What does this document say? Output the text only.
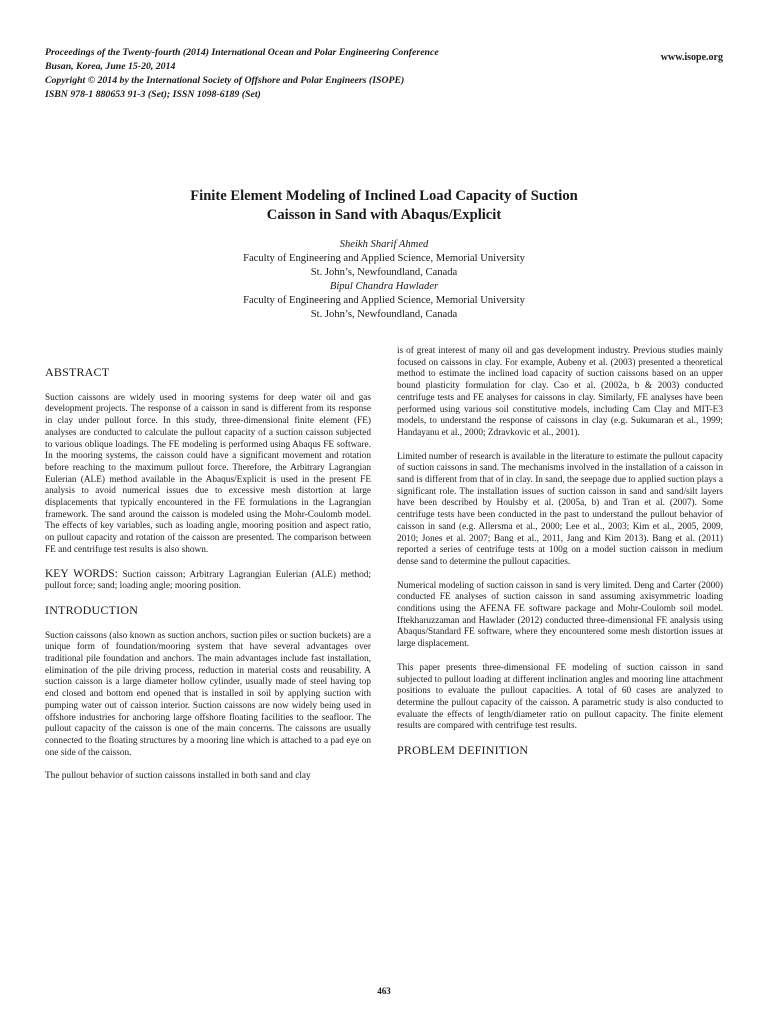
Proceedings of the Twenty-fourth (2014) International Ocean and Polar Engineering Conference
Busan, Korea, June 15-20, 2014
Copyright © 2014 by the International Society of Offshore and Polar Engineers (ISOPE)
ISBN 978-1 880653 91-3 (Set); ISSN 1098-6189 (Set)
www.isope.org
Finite Element Modeling of Inclined Load Capacity of Suction
Caisson in Sand with Abaqus/Explicit
Sheikh Sharif Ahmed
Faculty of Engineering and Applied Science, Memorial University
St. John’s, Newfoundland, Canada
Bipul Chandra Hawlader
Faculty of Engineering and Applied Science, Memorial University
St. John’s, Newfoundland, Canada
ABSTRACT

Suction caissons are widely used in mooring systems for deep water oil and gas development projects. The response of a caisson in sand is different from its response in clay under pullout force. In this study, three-dimensional finite element (FE) analyses are conducted to calculate the pullout capacity of a suction caisson subjected to various oblique loadings. The FE modeling is performed using Abaqus FE software. In the mooring systems, the caisson could have a significant movement and rotation before reaching to the maximum pullout force. Therefore, the Arbitrary Lagrangian Eulerian (ALE) method available in the Abaqus/Explicit is used in the present FE analysis to avoid numerical issues due to excessive mesh distortion at large displacements that typically encountered in the FE formulations in the Lagrangian framework. The sand around the caisson is modeled using the Mohr-Coulomb model. The effects of key variables, such as loading angle, mooring position and aspect ratio, on pullout capacity and rotation of the caisson are presented. The comparison between FE and centrifuge test results is also shown.

KEY WORDS: Suction caisson; Arbitrary Lagrangian Eulerian (ALE) method; pullout force; sand; loading angle; mooring position.

INTRODUCTION

Suction caissons (also known as suction anchors, suction piles or suction buckets) are a unique form of foundation/mooring system that have several advantages over traditional pile foundation and anchors. The main advantages include fast installation, elimination of the pile driving process, reduction in material costs and reusability. A suction caisson is a large diameter hollow cylinder, usually made of steel having top end closed and bottom end opened that is installed in soil by applying suction with pumping water out of caisson interior. Suction caissons are now widely being used in offshore industries for anchoring large offshore floating facilities to the seafloor. The pullout capacity of the caisson is one of the main concerns. The caissons are usually connected to the floating structures by a mooring line which is attached to a pad eye on one side of the caisson.

The pullout behavior of suction caissons installed in both sand and clay

is of great interest of many oil and gas development industry. Previous studies mainly focused on caissons in clay. For example, Aubeny et al. (2003) presented a theoretical method to estimate the inclined load capacity of suction caissons based on an upper bound plasticity formulation for clay. Cao et al. (2002a, b & 2003) conducted centrifuge tests and FE analyses for caissons in clay. Similarly, FE analyses have been performed using various soil constitutive models, including Cam Clay and MIT-E3 models, to understand the response of caissons in clay (e.g. Sukumaran et al., 1999; Handayanu et al., 2000; Zdravkovic et al., 2001).

Limited number of research is available in the literature to estimate the pullout capacity of suction caissons in sand. The mechanisms involved in the installation of a caisson in sand is different from that of in clay. In sand, the seepage due to applied suction plays a significant role. The installation issues of suction caisson in sand and sand/silt layers have been described by Houlsby et al. (2005a, b) and Tran et al. (2007). Some centrifuge tests have been conducted in the past to understand the pullout behavior of caisson in sand (e.g. Allersma et al., 2000; Lee et al., 2003; Kim et al., 2005, 2009, 2010; Jones et al. 2007; Bang et al., 2011, Jang and Kim 2013). Bang et al. (2011) reported a series of centrifuge tests at 100g on a model suction caisson in medium dense sand to determine the pullout capacities.

Numerical modeling of suction caisson in sand is very limited. Deng and Carter (2000) conducted FE analyses of suction caisson in sand assuming axisymmetric loading conditions using the AFENA FE software package and Mohr-Coulomb soil model. Iftekharuzzaman and Hawlader (2012) conducted three-dimensional FE analysis using Abaqus/Standard FE software, where they encountered some mesh distortion issues at large displacement.

This paper presents three-dimensional FE modeling of suction caisson in sand subjected to pullout loading at different inclination angles and mooring line attachment positions to evaluate the pullout capacities. A total of 60 cases are analyzed to determine the pullout capacity of the caisson. A parametric study is also conducted to evaluate the effects of length/diameter ratio on pullout capacity. The finite element results are compared with centrifuge test results.

PROBLEM DEFINITION
463
